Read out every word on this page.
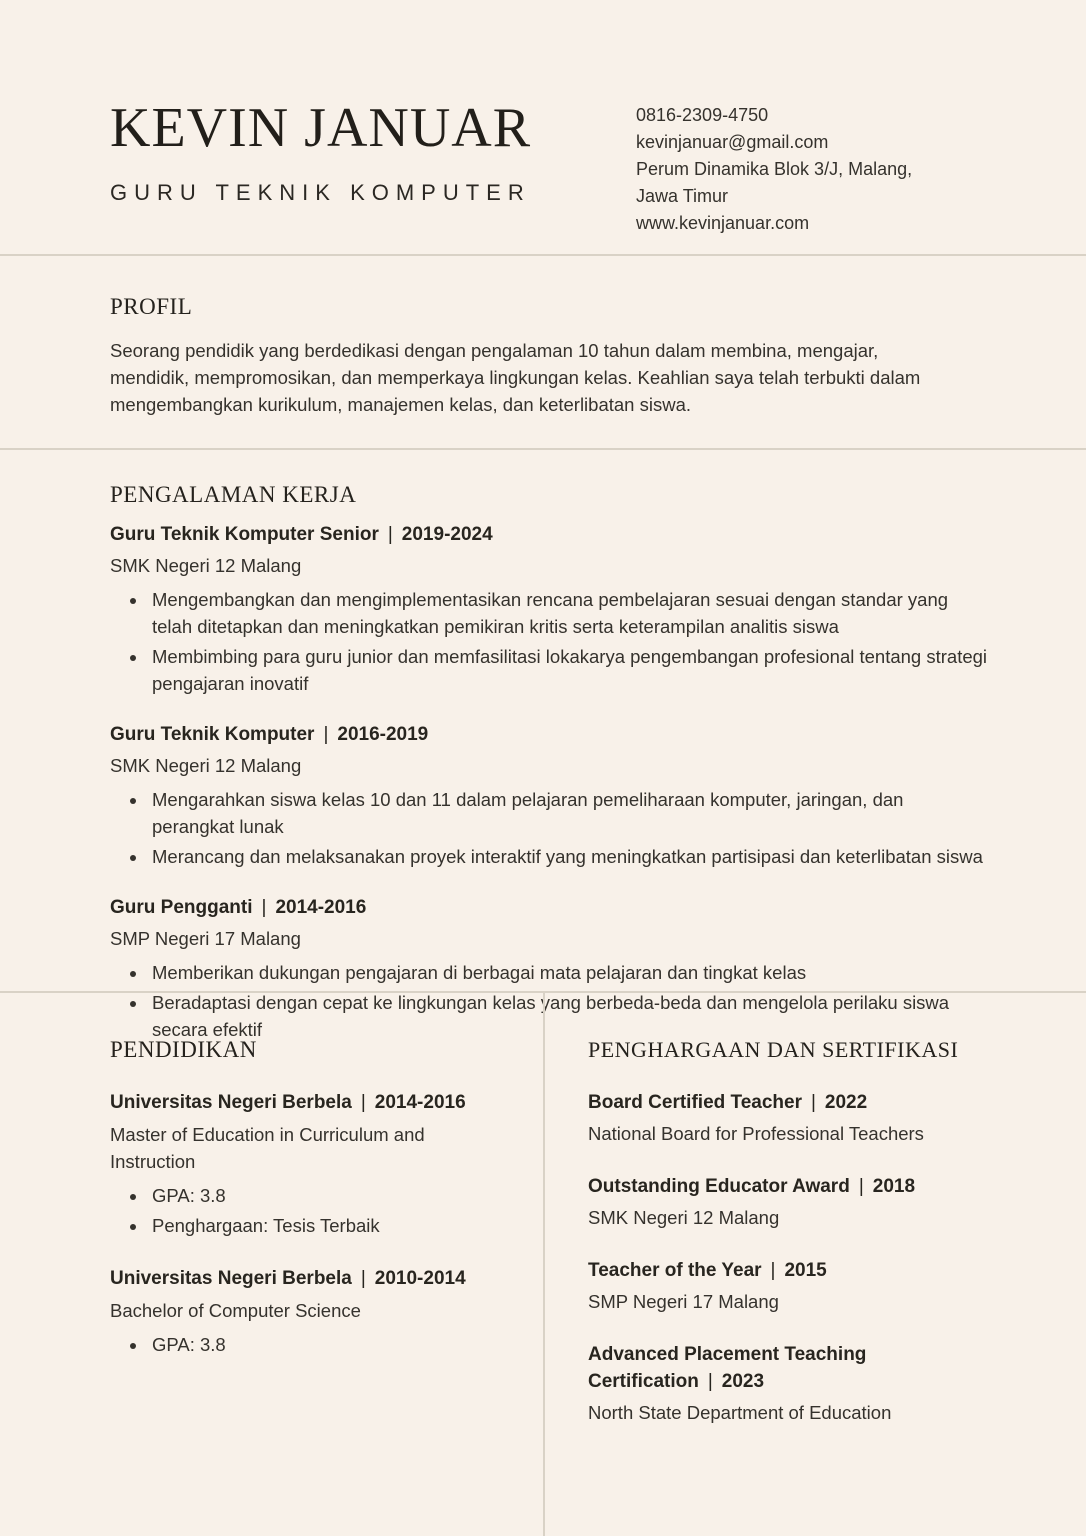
KEVIN JANUAR
GURU TEKNIK KOMPUTER
0816-2309-4750
kevinjanuar@gmail.com
Perum Dinamika Blok 3/J, Malang,
Jawa Timur
www.kevinjanuar.com
PROFIL

Seorang pendidik yang berdedikasi dengan pengalaman 10 tahun dalam membina, mengajar, mendidik, mempromosikan, dan memperkaya lingkungan kelas. Keahlian saya telah terbukti dalam mengembangkan kurikulum, manajemen kelas, dan keterlibatan siswa.

PENGALAMAN KERJA
Guru Teknik Komputer Senior | 2019-2024
SMK Negeri 12 Malang
• Mengembangkan dan mengimplementasikan rencana pembelajaran sesuai dengan standar yang telah ditetapkan dan meningkatkan pemikiran kritis serta keterampilan analitis siswa
• Membimbing para guru junior dan memfasilitasi lokakarya pengembangan profesional tentang strategi pengajaran inovatif
Guru Teknik Komputer | 2016-2019
SMK Negeri 12 Malang
• Mengarahkan siswa kelas 10 dan 11 dalam pelajaran pemeliharaan komputer, jaringan, dan perangkat lunak
• Merancang dan melaksanakan proyek interaktif yang meningkatkan partisipasi dan keterlibatan siswa
Guru Pengganti | 2014-2016
SMP Negeri 17 Malang
• Memberikan dukungan pengajaran di berbagai mata pelajaran dan tingkat kelas
• Beradaptasi dengan cepat ke lingkungan kelas yang berbeda-beda dan mengelola perilaku siswa secara efektif
PENDIDIKAN
Universitas Negeri Berbela | 2014-2016
Master of Education in Curriculum and Instruction
• GPA: 3.8
• Penghargaan: Tesis Terbaik
Universitas Negeri Berbela | 2010-2014
Bachelor of Computer Science
• GPA: 3.8
PENGHARGAAN DAN SERTIFIKASI
Board Certified Teacher | 2022
National Board for Professional Teachers
Outstanding Educator Award | 2018
SMK Negeri 12 Malang
Teacher of the Year | 2015
SMP Negeri 17 Malang
Advanced Placement Teaching Certification | 2023
North State Department of Education
